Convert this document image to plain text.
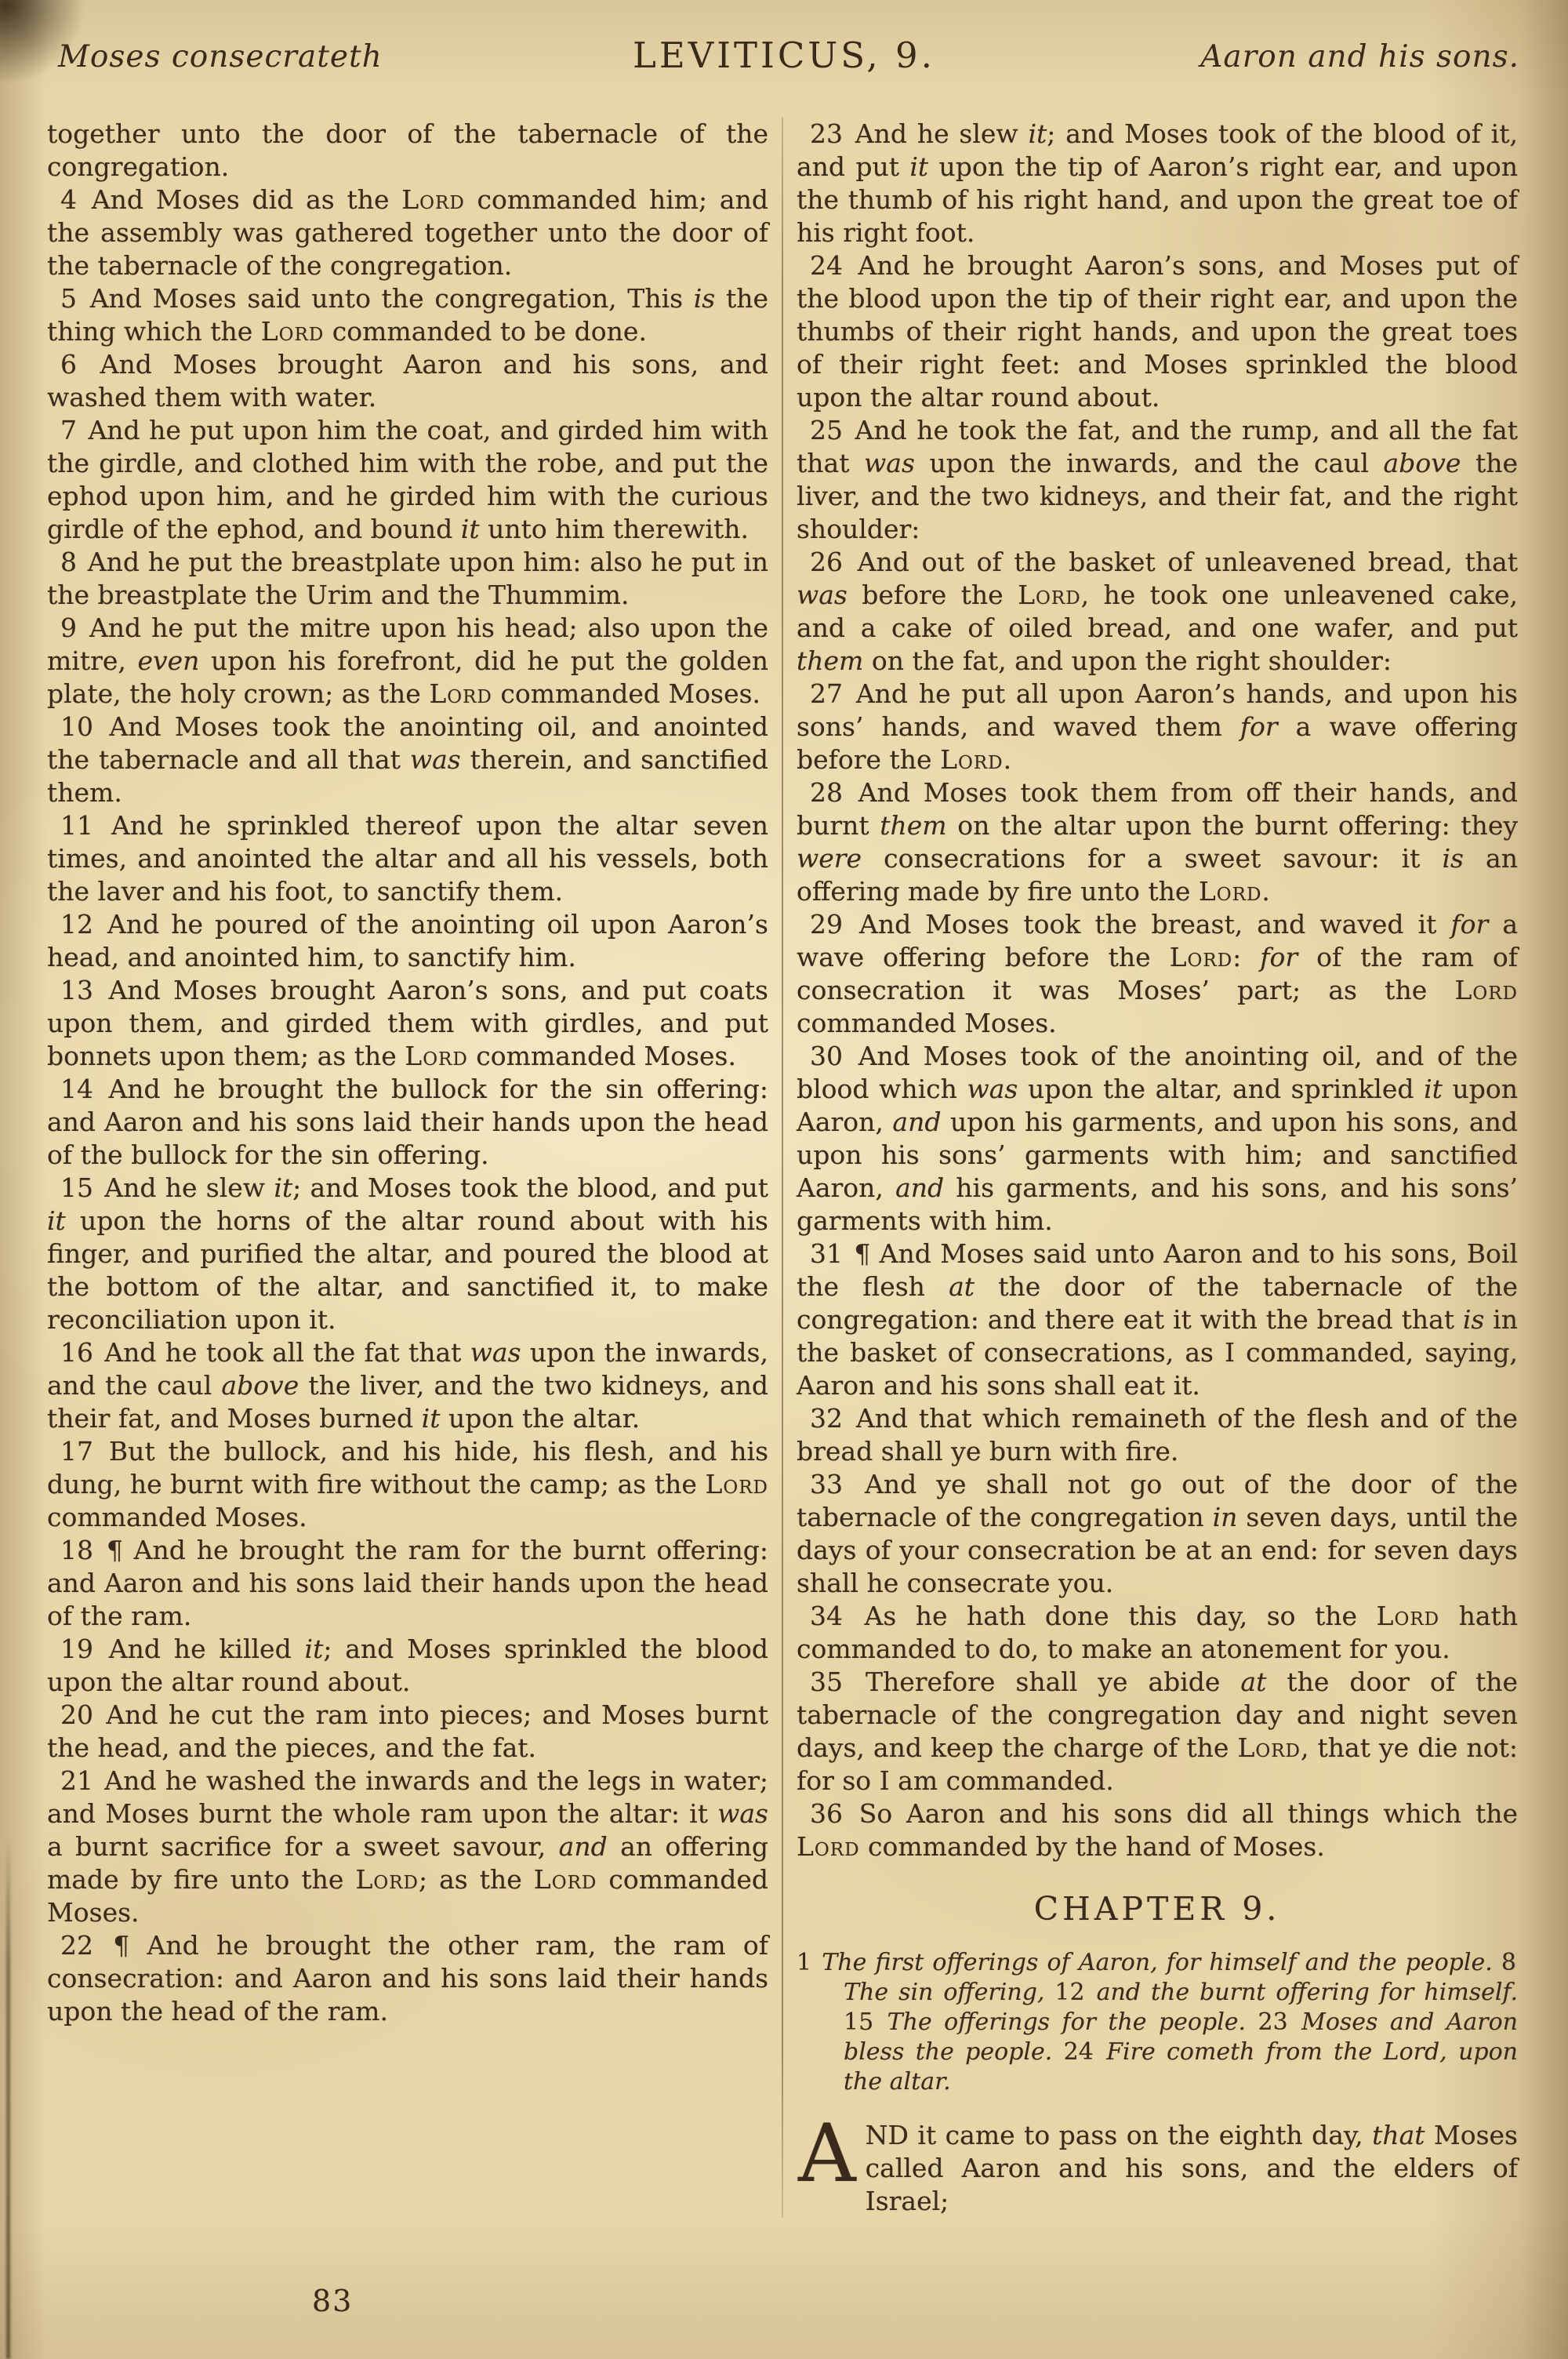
Moses consecrateth	LEVITICUS, 9.	Aaron and his sons.

together unto the door of the tabernacle of the congregation.

4 And Moses did as the Lord commanded him; and the assembly was gathered together unto the door of the tabernacle of the congregation.

5 And Moses said unto the congregation, This is the thing which the Lord commanded to be done.

6 And Moses brought Aaron and his sons, and washed them with water.

7 And he put upon him the coat, and girded him with the girdle, and clothed him with the robe, and put the ephod upon him, and he girded him with the curious girdle of the ephod, and bound it unto him therewith.

8 And he put the breastplate upon him: also he put in the breastplate the Urim and the Thummim.

9 And he put the mitre upon his head; also upon the mitre, even upon his forefront, did he put the golden plate, the holy crown; as the Lord commanded Moses.

10 And Moses took the anointing oil, and anointed the tabernacle and all that was therein, and sanctified them.

11 And he sprinkled thereof upon the altar seven times, and anointed the altar and all his vessels, both the laver and his foot, to sanctify them.

12 And he poured of the anointing oil upon Aaron’s head, and anointed him, to sanctify him.

13 And Moses brought Aaron’s sons, and put coats upon them, and girded them with girdles, and put bonnets upon them; as the Lord commanded Moses.

14 And he brought the bullock for the sin offering: and Aaron and his sons laid their hands upon the head of the bullock for the sin offering.

15 And he slew it; and Moses took the blood, and put it upon the horns of the altar round about with his finger, and purified the altar, and poured the blood at the bottom of the altar, and sanctified it, to make reconciliation upon it.

16 And he took all the fat that was upon the inwards, and the caul above the liver, and the two kidneys, and their fat, and Moses burned it upon the altar.

17 But the bullock, and his hide, his flesh, and his dung, he burnt with fire without the camp; as the Lord commanded Moses.

18 ¶ And he brought the ram for the burnt offering: and Aaron and his sons laid their hands upon the head of the ram.

19 And he killed it; and Moses sprinkled the blood upon the altar round about.

20 And he cut the ram into pieces; and Moses burnt the head, and the pieces, and the fat.

21 And he washed the inwards and the legs in water; and Moses burnt the whole ram upon the altar: it was a burnt sacrifice for a sweet savour, and an offering made by fire unto the Lord; as the Lord commanded Moses.

22 ¶ And he brought the other ram, the ram of consecration: and Aaron and his sons laid their hands upon the head of the ram.

23 And he slew it; and Moses took of the blood of it, and put it upon the tip of Aaron’s right ear, and upon the thumb of his right hand, and upon the great toe of his right foot.

24 And he brought Aaron’s sons, and Moses put of the blood upon the tip of their right ear, and upon the thumbs of their right hands, and upon the great toes of their right feet: and Moses sprinkled the blood upon the altar round about.

25 And he took the fat, and the rump, and all the fat that was upon the inwards, and the caul above the liver, and the two kidneys, and their fat, and the right shoulder:

26 And out of the basket of unleavened bread, that was before the Lord, he took one unleavened cake, and a cake of oiled bread, and one wafer, and put them on the fat, and upon the right shoulder:

27 And he put all upon Aaron’s hands, and upon his sons’ hands, and waved them for a wave offering before the Lord.

28 And Moses took them from off their hands, and burnt them on the altar upon the burnt offering: they were consecrations for a sweet savour: it is an offering made by fire unto the Lord.

29 And Moses took the breast, and waved it for a wave offering before the Lord: for of the ram of consecration it was Moses’ part; as the Lord commanded Moses.

30 And Moses took of the anointing oil, and of the blood which was upon the altar, and sprinkled it upon Aaron, and upon his garments, and upon his sons, and upon his sons’ garments with him; and sanctified Aaron, and his garments, and his sons, and his sons’ garments with him.

31 ¶ And Moses said unto Aaron and to his sons, Boil the flesh at the door of the tabernacle of the congregation: and there eat it with the bread that is in the basket of consecrations, as I commanded, saying, Aaron and his sons shall eat it.

32 And that which remaineth of the flesh and of the bread shall ye burn with fire.

33 And ye shall not go out of the door of the tabernacle of the congregation in seven days, until the days of your consecration be at an end: for seven days shall he consecrate you.

34 As he hath done this day, so the Lord hath commanded to do, to make an atonement for you.

35 Therefore shall ye abide at the door of the tabernacle of the congregation day and night seven days, and keep the charge of the Lord, that ye die not: for so I am commanded.

36 So Aaron and his sons did all things which the Lord commanded by the hand of Moses.

CHAPTER 9.

1 The first offerings of Aaron, for himself and the people. 8 The sin offering, 12 and the burnt offering for himself. 15 The offerings for the people. 23 Moses and Aaron bless the people. 24 Fire cometh from the Lord, upon the altar.

AND it came to pass on the eighth day, that Moses called Aaron and his sons, and the elders of Israel;

83
